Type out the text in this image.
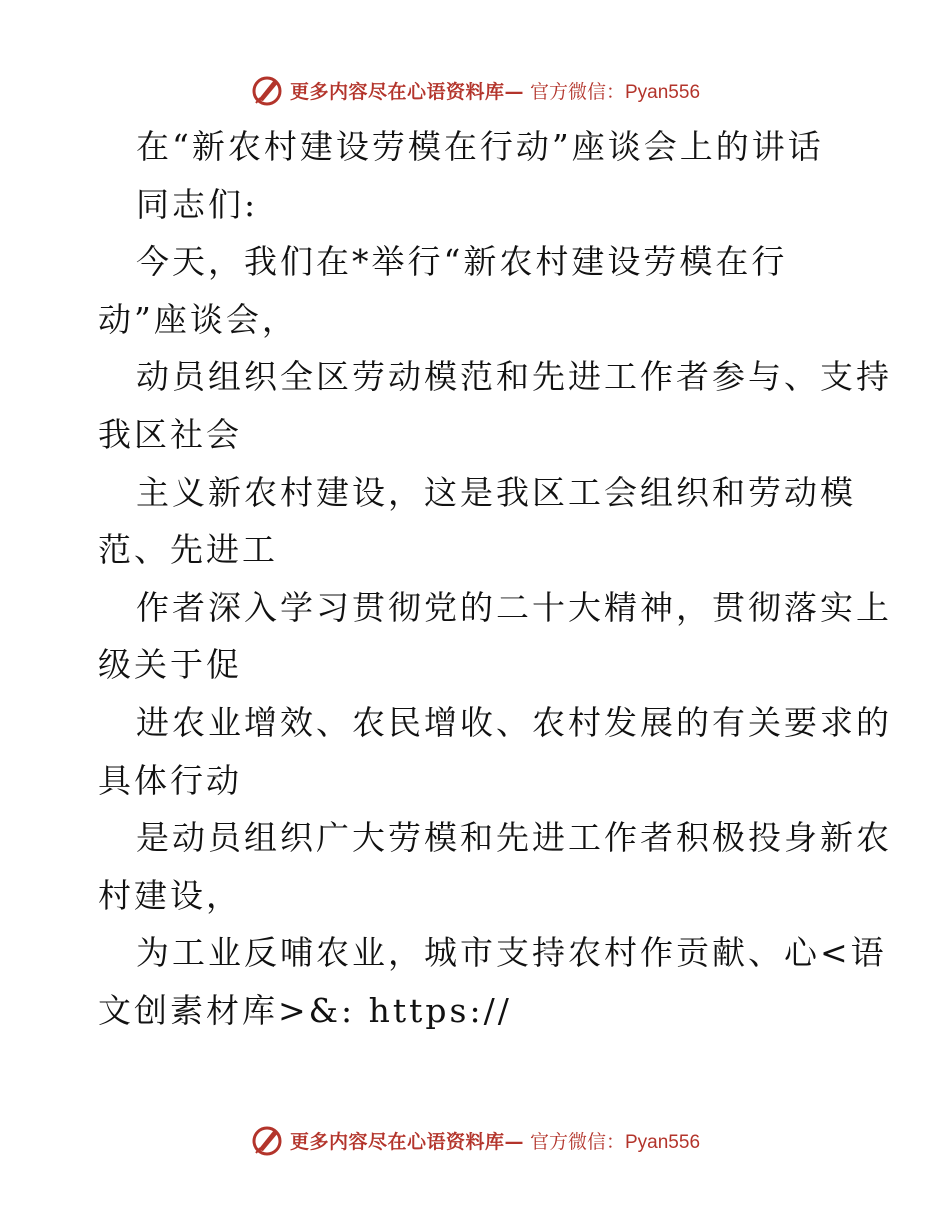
更多内容尽在心语资料库— 官方微信：Pyan556

在“新农村建设劳模在行动”座谈会上的讲话

同志们:

今天，我们在*举行“新农村建设劳模在行

动”座谈会，

动员组织全区劳动模范和先进工作者参与、支持

我区社会

主义新农村建设，这是我区工会组织和劳动模

范、先进工

作者深入学习贯彻党的二十大精神，贯彻落实上

级关于促

进农业增效、农民增收、农村发展的有关要求的

具体行动

是动员组织广大劳模和先进工作者积极投身新农

村建设，

为工业反哺农业，城市支持农村作贡献、心<语

文创素材库>&: https://

更多内容尽在心语资料库— 官方微信：Pyan556
